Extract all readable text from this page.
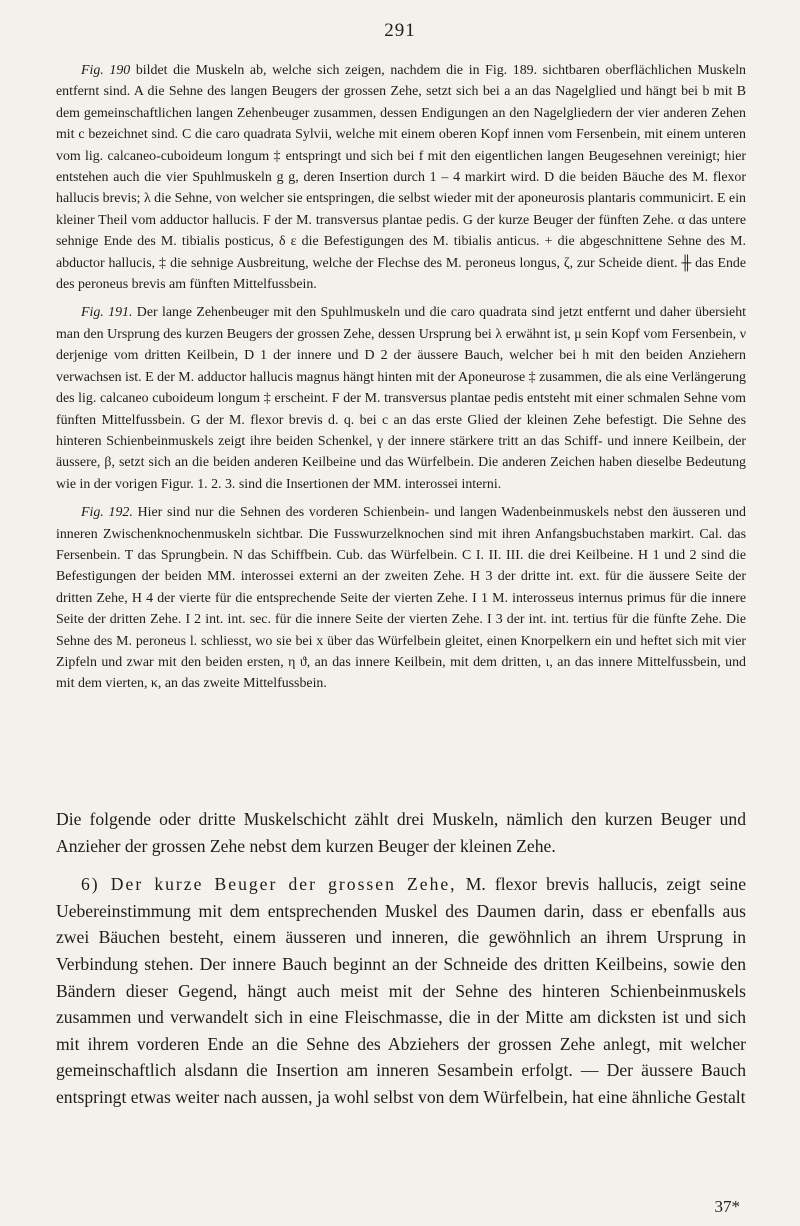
291

Fig. 190 bildet die Muskeln ab, welche sich zeigen, nachdem die in Fig. 189. sichtbaren oberflächlichen Muskeln entfernt sind. A die Sehne des langen Beugers der grossen Zehe, setzt sich bei a an das Nagelglied und hängt bei b mit B dem gemeinschaftlichen langen Zehenbeuger zusammen, dessen Endigungen an den Nagelgliedern der vier anderen Zehen mit c bezeichnet sind. C die caro quadrata Sylvii, welche mit einem oberen Kopf innen vom Fersenbein, mit einem unteren vom lig. calcaneo-cuboideum longum ‡ entspringt und sich bei f mit den eigentlichen langen Beugesehnen vereinigt; hier entstehen auch die vier Spuhlmuskeln g g, deren Insertion durch 1 – 4 markirt wird. D die beiden Bäuche des M. flexor hallucis brevis; λ die Sehne, von welcher sie entspringen, die selbst wieder mit der aponeurosis plantaris communicirt. E ein kleiner Theil vom adductor hallucis. F der M. transversus plantae pedis. G der kurze Beuger der fünften Zehe. α das untere sehnige Ende des M. tibialis posticus, δ ε die Befestigungen des M. tibialis anticus. + die abgeschnittene Sehne des M. abductor hallucis, ‡ die sehnige Ausbreitung, welche der Flechse des M. peroneus longus, ζ, zur Scheide dient. ╫ das Ende des peroneus brevis am fünften Mittelfussbein.

Fig. 191. Der lange Zehenbeuger mit den Spuhlmuskeln und die caro quadrata sind jetzt entfernt und daher übersieht man den Ursprung des kurzen Beugers der grossen Zehe, dessen Ursprung bei λ erwähnt ist, μ sein Kopf vom Fersenbein, ν derjenige vom dritten Keilbein, D 1 der innere und D 2 der äussere Bauch, welcher bei h mit den beiden Anziehern verwachsen ist. E der M. adductor hallucis magnus hängt hinten mit der Aponeurose ‡ zusammen, die als eine Verlängerung des lig. calcaneo cuboideum longum ‡ erscheint. F der M. transversus plantae pedis entsteht mit einer schmalen Sehne vom fünften Mittelfussbein. G der M. flexor brevis d. q. bei c an das erste Glied der kleinen Zehe befestigt. Die Sehne des hinteren Schienbeinmuskels zeigt ihre beiden Schenkel, γ der innere stärkere tritt an das Schiff- und innere Keilbein, der äussere, β, setzt sich an die beiden anderen Keilbeine und das Würfelbein. Die anderen Zeichen haben dieselbe Bedeutung wie in der vorigen Figur. 1. 2. 3. sind die Insertionen der MM. interossei interni.

Fig. 192. Hier sind nur die Sehnen des vorderen Schienbein- und langen Wadenbeinmuskels nebst den äusseren und inneren Zwischenknochenmuskeln sichtbar. Die Fusswurzelknochen sind mit ihren Anfangsbuchstaben markirt. Cal. das Fersenbein. T das Sprungbein. N das Schiffbein. Cub. das Würfelbein. C I. II. III. die drei Keilbeine. H 1 und 2 sind die Befestigungen der beiden MM. interossei externi an der zweiten Zehe. H 3 der dritte int. ext. für die äussere Seite der dritten Zehe, H 4 der vierte für die entsprechende Seite der vierten Zehe. I 1 M. interosseus internus primus für die innere Seite der dritten Zehe. I 2 int. int. sec. für die innere Seite der vierten Zehe. I 3 der int. int. tertius für die fünfte Zehe. Die Sehne des M. peroneus l. schliesst, wo sie bei x über das Würfelbein gleitet, einen Knorpelkern ein und heftet sich mit vier Zipfeln und zwar mit den beiden ersten, η ϑ, an das innere Keilbein, mit dem dritten, ι, an das innere Mittelfussbein, und mit dem vierten, κ, an das zweite Mittelfussbein.

Die folgende oder dritte Muskelschicht zählt drei Muskeln, nämlich den kurzen Beuger und Anzieher der grossen Zehe nebst dem kurzen Beuger der kleinen Zehe.

6) Der kurze Beuger der grossen Zehe, M. flexor brevis hallucis, zeigt seine Uebereinstimmung mit dem entsprechenden Muskel des Daumen darin, dass er ebenfalls aus zwei Bäuchen besteht, einem äusseren und inneren, die gewöhnlich an ihrem Ursprung in Verbindung stehen. Der innere Bauch beginnt an der Schneide des dritten Keilbeins, sowie den Bändern dieser Gegend, hängt auch meist mit der Sehne des hinteren Schienbeinmuskels zusammen und verwandelt sich in eine Fleischmasse, die in der Mitte am dicksten ist und sich mit ihrem vorderen Ende an die Sehne des Abziehers der grossen Zehe anlegt, mit welcher gemeinschaftlich alsdann die Insertion am inneren Sesambein erfolgt. — Der äussere Bauch entspringt etwas weiter nach aussen, ja wohl selbst von dem Würfelbein, hat eine ähnliche Gestalt

37*
